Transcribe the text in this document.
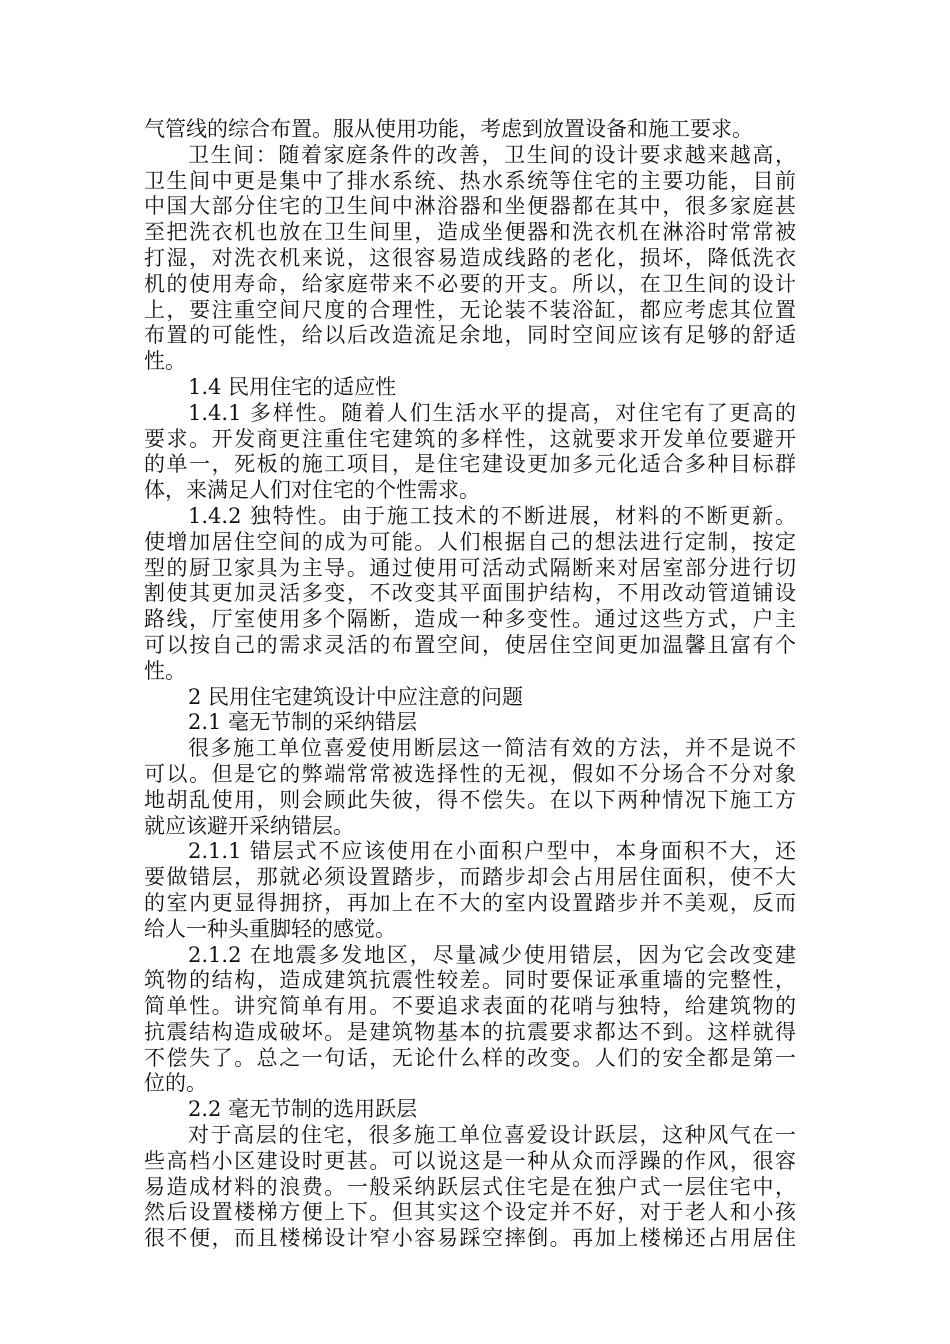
气管线的综合布置。服从使用功能，考虑到放置设备和施工要求。
卫生间：随着家庭条件的改善，卫生间的设计要求越来越高，
卫生间中更是集中了排水系统、热水系统等住宅的主要功能，目前
中国大部分住宅的卫生间中淋浴器和坐便器都在其中，很多家庭甚
至把洗衣机也放在卫生间里，造成坐便器和洗衣机在淋浴时常常被
打湿，对洗衣机来说，这很容易造成线路的老化，损坏，降低洗衣
机的使用寿命，给家庭带来不必要的开支。所以，在卫生间的设计
上，要注重空间尺度的合理性，无论装不装浴缸，都应考虑其位置
布置的可能性，给以后改造流足余地，同时空间应该有足够的舒适
性。
1.4 民用住宅的适应性
1.4.1 多样性。随着人们生活水平的提高，对住宅有了更高的
要求。开发商更注重住宅建筑的多样性，这就要求开发单位要避开
的单一，死板的施工项目，是住宅建设更加多元化适合多种目标群
体，来满足人们对住宅的个性需求。
1.4.2 独特性。由于施工技术的不断进展，材料的不断更新。
使增加居住空间的成为可能。人们根据自己的想法进行定制，按定
型的厨卫家具为主导。通过使用可活动式隔断来对居室部分进行切
割使其更加灵活多变，不改变其平面围护结构，不用改动管道铺设
路线，厅室使用多个隔断，造成一种多变性。通过这些方式，户主
可以按自己的需求灵活的布置空间，使居住空间更加温馨且富有个
性。
2 民用住宅建筑设计中应注意的问题
2.1 毫无节制的采纳错层
很多施工单位喜爱使用断层这一简洁有效的方法，并不是说不
可以。但是它的弊端常常被选择性的无视，假如不分场合不分对象
地胡乱使用，则会顾此失彼，得不偿失。在以下两种情况下施工方
就应该避开采纳错层。
2.1.1 错层式不应该使用在小面积户型中，本身面积不大，还
要做错层，那就必须设置踏步，而踏步却会占用居住面积，使不大
的室内更显得拥挤，再加上在不大的室内设置踏步并不美观，反而
给人一种头重脚轻的感觉。
2.1.2 在地震多发地区，尽量减少使用错层，因为它会改变建
筑物的结构，造成建筑抗震性较差。同时要保证承重墙的完整性，
简单性。讲究简单有用。不要追求表面的花哨与独特，给建筑物的
抗震结构造成破坏。是建筑物基本的抗震要求都达不到。这样就得
不偿失了。总之一句话，无论什么样的改变。人们的安全都是第一
位的。
2.2 毫无节制的选用跃层
对于高层的住宅，很多施工单位喜爱设计跃层，这种风气在一
些高档小区建设时更甚。可以说这是一种从众而浮躁的作风，很容
易造成材料的浪费。一般采纳跃层式住宅是在独户式一层住宅中，
然后设置楼梯方便上下。但其实这个设定并不好，对于老人和小孩
很不便，而且楼梯设计窄小容易踩空摔倒。再加上楼梯还占用居住
